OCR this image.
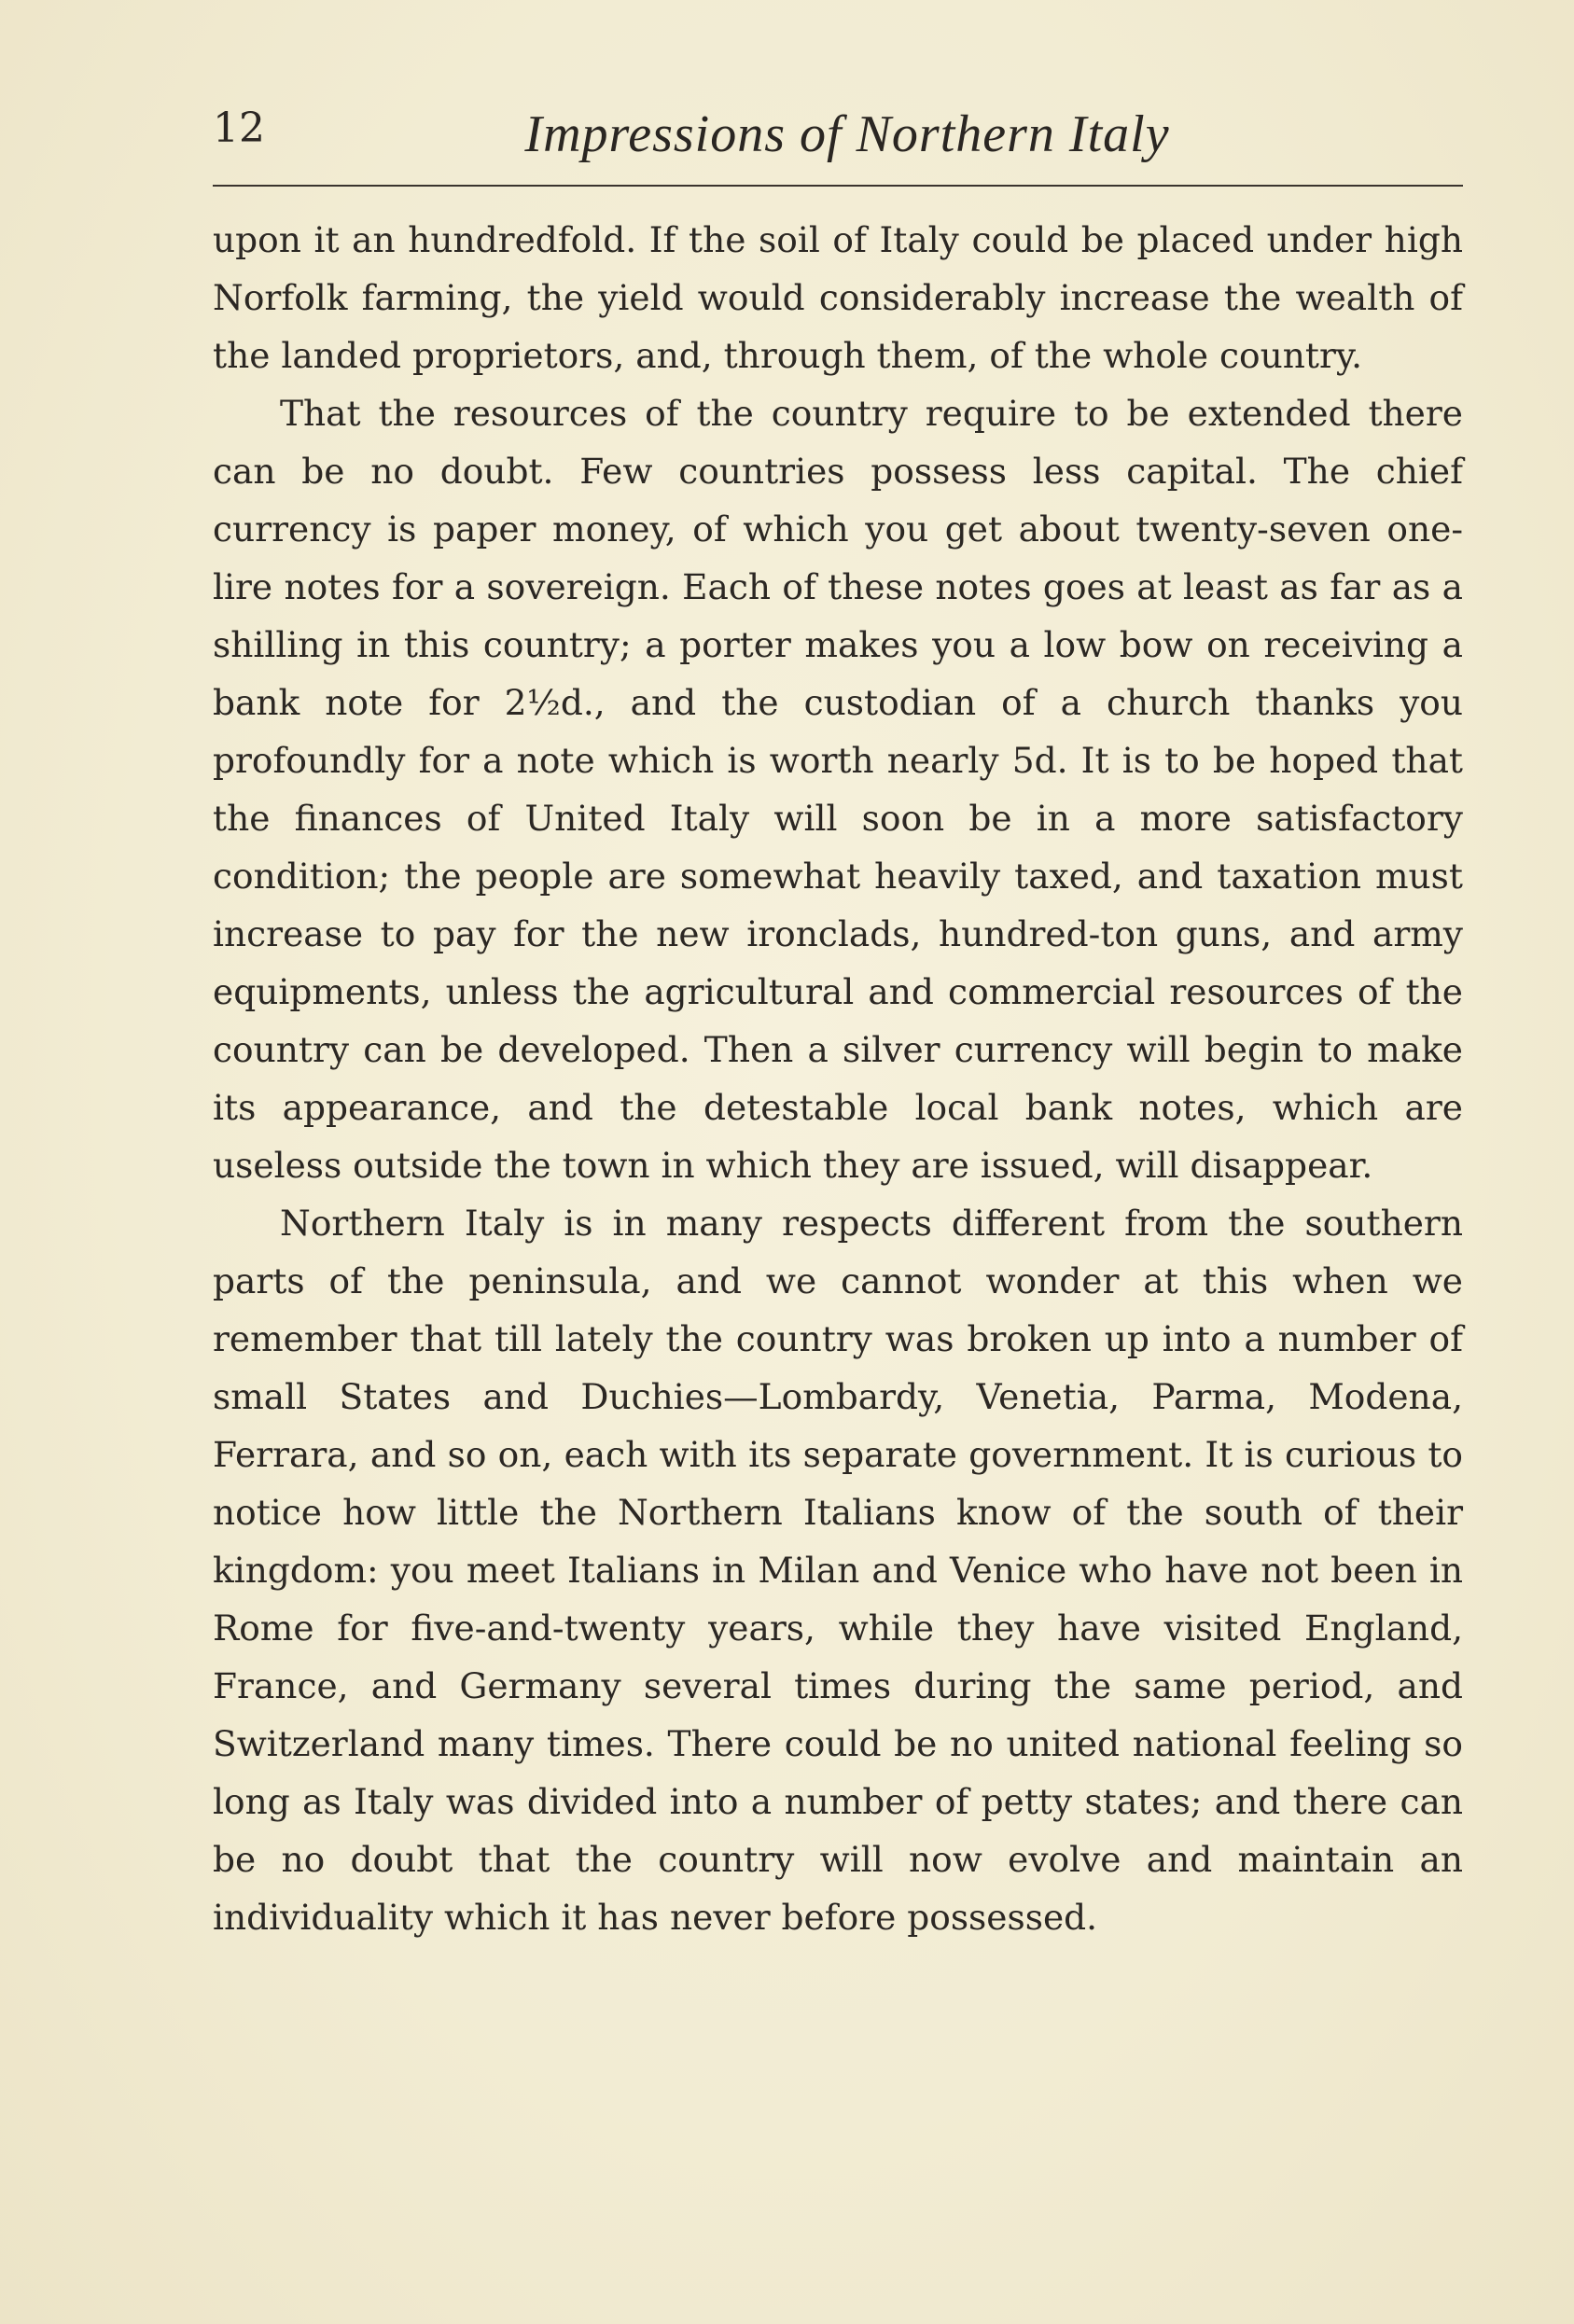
12	Impressions of Northern Italy

upon it an hundredfold. If the soil of Italy could be placed under high Norfolk farming, the yield would considerably increase the wealth of the landed proprietors, and, through them, of the whole country.

That the resources of the country require to be extended there can be no doubt. Few countries possess less capital. The chief currency is paper money, of which you get about twenty-seven one-lire notes for a sovereign. Each of these notes goes at least as far as a shilling in this country; a porter makes you a low bow on receiving a bank note for 2½d., and the custodian of a church thanks you profoundly for a note which is worth nearly 5d. It is to be hoped that the finances of United Italy will soon be in a more satisfactory condition; the people are somewhat heavily taxed, and taxation must increase to pay for the new ironclads, hundred-ton guns, and army equipments, unless the agricultural and commercial resources of the country can be developed. Then a silver currency will begin to make its appearance, and the detestable local bank notes, which are useless outside the town in which they are issued, will disappear.

Northern Italy is in many respects different from the southern parts of the peninsula, and we cannot wonder at this when we remember that till lately the country was broken up into a number of small States and Duchies—Lombardy, Venetia, Parma, Modena, Ferrara, and so on, each with its separate government. It is curious to notice how little the Northern Italians know of the south of their kingdom: you meet Italians in Milan and Venice who have not been in Rome for five-and-twenty years, while they have visited England, France, and Germany several times during the same period, and Switzerland many times. There could be no united national feeling so long as Italy was divided into a number of petty states; and there can be no doubt that the country will now evolve and maintain an individuality which it has never before possessed.
